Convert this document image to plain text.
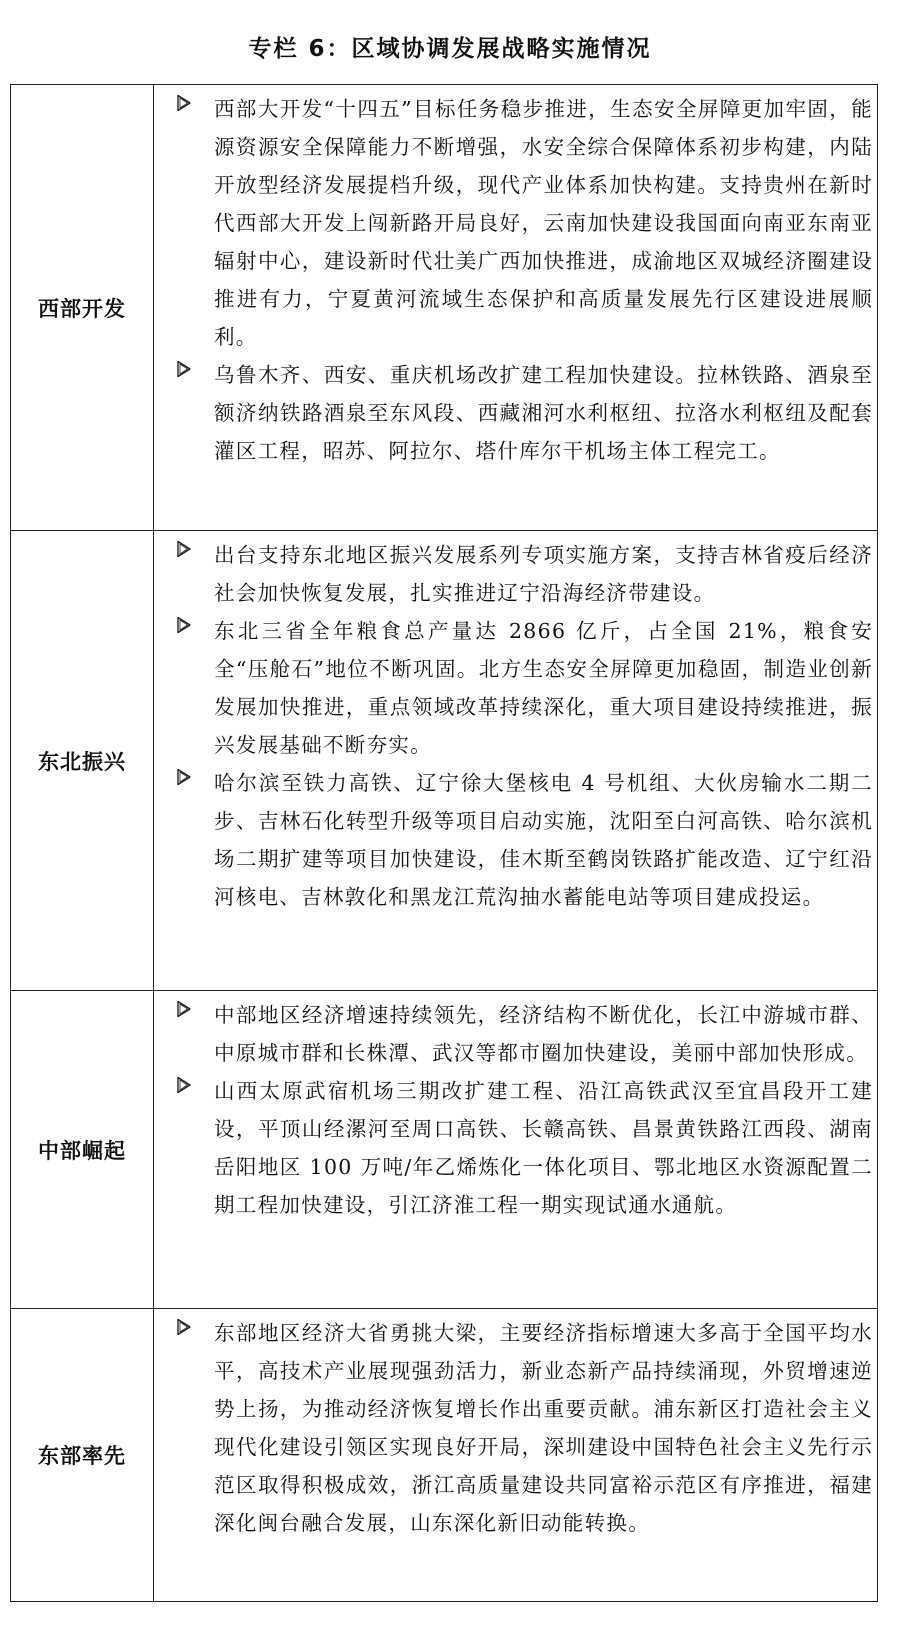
专栏 6：区域协调发展战略实施情况
西部开发
西部大开发“十四五”目标任务稳步推进，生态安全屏障更加牢固，能源资源安全保障能力不断增强，水安全综合保障体系初步构建，内陆开放型经济发展提档升级，现代产业体系加快构建。支持贵州在新时代西部大开发上闯新路开局良好，云南加快建设我国面向南亚东南亚辐射中心，建设新时代壮美广西加快推进，成渝地区双城经济圈建设推进有力，宁夏黄河流域生态保护和高质量发展先行区建设进展顺利。
乌鲁木齐、西安、重庆机场改扩建工程加快建设。拉林铁路、酒泉至额济纳铁路酒泉至东风段、西藏湘河水利枢纽、拉洛水利枢纽及配套灌区工程，昭苏、阿拉尔、塔什库尔干机场主体工程完工。
东北振兴
出台支持东北地区振兴发展系列专项实施方案，支持吉林省疫后经济社会加快恢复发展，扎实推进辽宁沿海经济带建设。
东北三省全年粮食总产量达 2866 亿斤，占全国 21%，粮食安全“压舱石”地位不断巩固。北方生态安全屏障更加稳固，制造业创新发展加快推进，重点领域改革持续深化，重大项目建设持续推进，振兴发展基础不断夯实。
哈尔滨至铁力高铁、辽宁徐大堡核电 4 号机组、大伙房输水二期二步、吉林石化转型升级等项目启动实施，沈阳至白河高铁、哈尔滨机场二期扩建等项目加快建设，佳木斯至鹤岗铁路扩能改造、辽宁红沿河核电、吉林敦化和黑龙江荒沟抽水蓄能电站等项目建成投运。
中部崛起
中部地区经济增速持续领先，经济结构不断优化，长江中游城市群、中原城市群和长株潭、武汉等都市圈加快建设，美丽中部加快形成。
山西太原武宿机场三期改扩建工程、沿江高铁武汉至宜昌段开工建设，平顶山经漯河至周口高铁、长赣高铁、昌景黄铁路江西段、湖南岳阳地区 100 万吨/年乙烯炼化一体化项目、鄂北地区水资源配置二期工程加快建设，引江济淮工程一期实现试通水通航。
东部率先
东部地区经济大省勇挑大梁，主要经济指标增速大多高于全国平均水平，高技术产业展现强劲活力，新业态新产品持续涌现，外贸增速逆势上扬，为推动经济恢复增长作出重要贡献。浦东新区打造社会主义现代化建设引领区实现良好开局，深圳建设中国特色社会主义先行示范区取得积极成效，浙江高质量建设共同富裕示范区有序推进，福建深化闽台融合发展，山东深化新旧动能转换。
